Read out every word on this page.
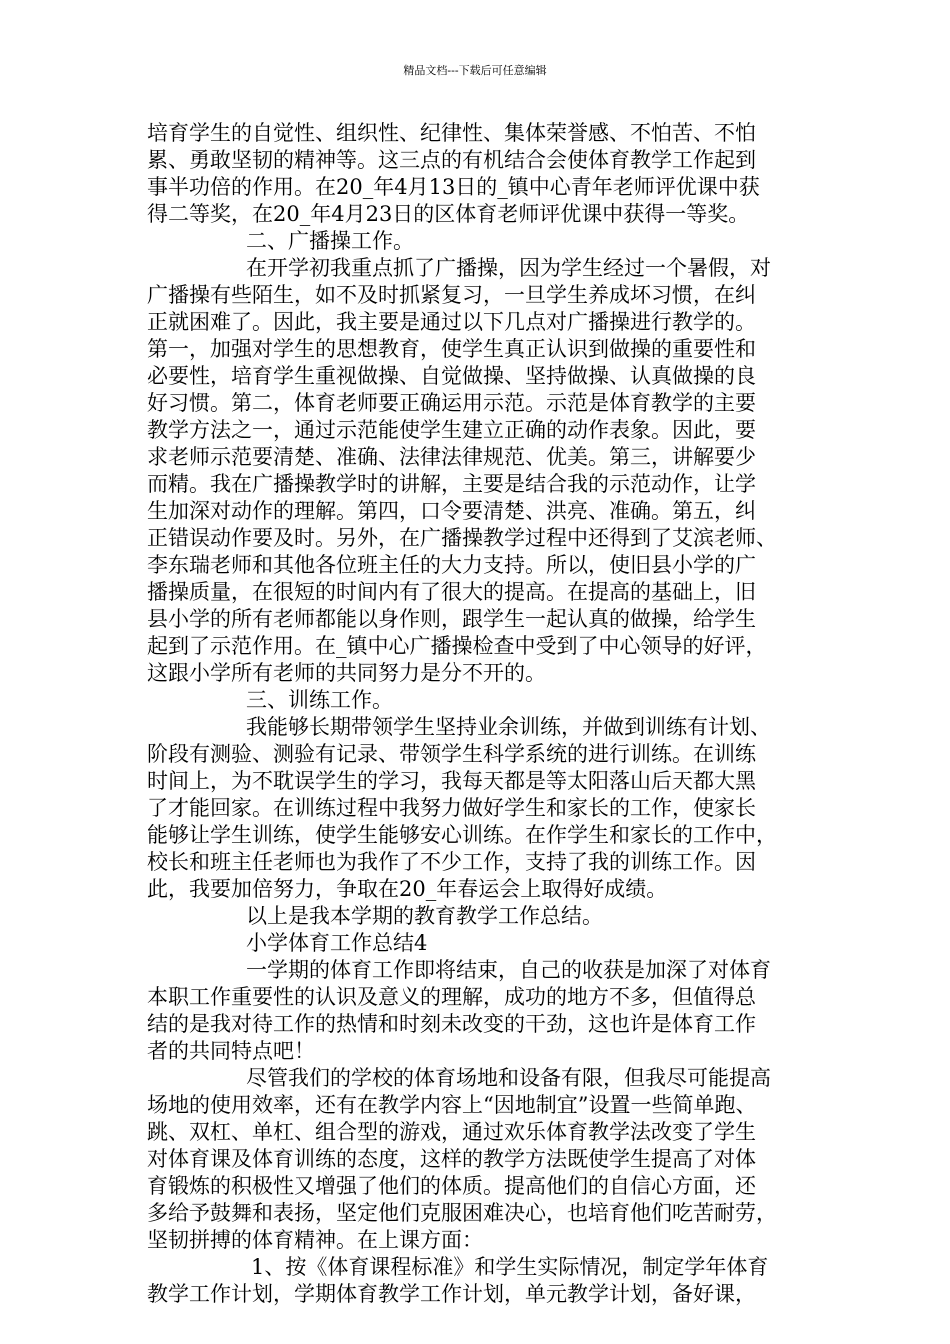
精品文档---下载后可任意编辑
培育学生的自觉性、组织性、纪律性、集体荣誉感、不怕苦、不怕
累、勇敢坚韧的精神等。这三点的有机结合会使体育教学工作起到
事半功倍的作用。在20_年4月13日的_镇中心青年老师评优课中获
得二等奖，在20_年4月23日的区体育老师评优课中获得一等奖。
二、广播操工作。
在开学初我重点抓了广播操，因为学生经过一个暑假，对
广播操有些陌生，如不及时抓紧复习，一旦学生养成坏习惯，在纠
正就困难了。因此，我主要是通过以下几点对广播操进行教学的。
第一，加强对学生的思想教育，使学生真正认识到做操的重要性和
必要性，培育学生重视做操、自觉做操、坚持做操、认真做操的良
好习惯。第二，体育老师要正确运用示范。示范是体育教学的主要
教学方法之一，通过示范能使学生建立正确的动作表象。因此，要
求老师示范要清楚、准确、法律法律规范、优美。第三，讲解要少
而精。我在广播操教学时的讲解，主要是结合我的示范动作，让学
生加深对动作的理解。第四，口令要清楚、洪亮、准确。第五，纠
正错误动作要及时。另外，在广播操教学过程中还得到了艾滨老师、
李东瑞老师和其他各位班主任的大力支持。所以，使旧县小学的广
播操质量，在很短的时间内有了很大的提高。在提高的基础上，旧
县小学的所有老师都能以身作则，跟学生一起认真的做操，给学生
起到了示范作用。在_镇中心广播操检查中受到了中心领导的好评，
这跟小学所有老师的共同努力是分不开的。
三、训练工作。
我能够长期带领学生坚持业余训练，并做到训练有计划、
阶段有测验、测验有记录、带领学生科学系统的进行训练。在训练
时间上，为不耽误学生的学习，我每天都是等太阳落山后天都大黑
了才能回家。在训练过程中我努力做好学生和家长的工作，使家长
能够让学生训练，使学生能够安心训练。在作学生和家长的工作中，
校长和班主任老师也为我作了不少工作，支持了我的训练工作。因
此，我要加倍努力，争取在20_年春运会上取得好成绩。
以上是我本学期的教育教学工作总结。
小学体育工作总结4
一学期的体育工作即将结束，自己的收获是加深了对体育
本职工作重要性的认识及意义的理解，成功的地方不多，但值得总
结的是我对待工作的热情和时刻未改变的干劲，这也许是体育工作
者的共同特点吧！
尽管我们的学校的体育场地和设备有限，但我尽可能提高
场地的使用效率，还有在教学内容上“因地制宜”设置一些简单跑、
跳、双杠、单杠、组合型的游戏，通过欢乐体育教学法改变了学生
对体育课及体育训练的态度，这样的教学方法既使学生提高了对体
育锻炼的积极性又增强了他们的体质。提高他们的自信心方面，还
多给予鼓舞和表扬，坚定他们克服困难决心，也培育他们吃苦耐劳，
坚韧拼搏的体育精神。在上课方面：
1、按《体育课程标准》和学生实际情况，制定学年体育
教学工作计划，学期体育教学工作计划，单元教学计划，备好课，
